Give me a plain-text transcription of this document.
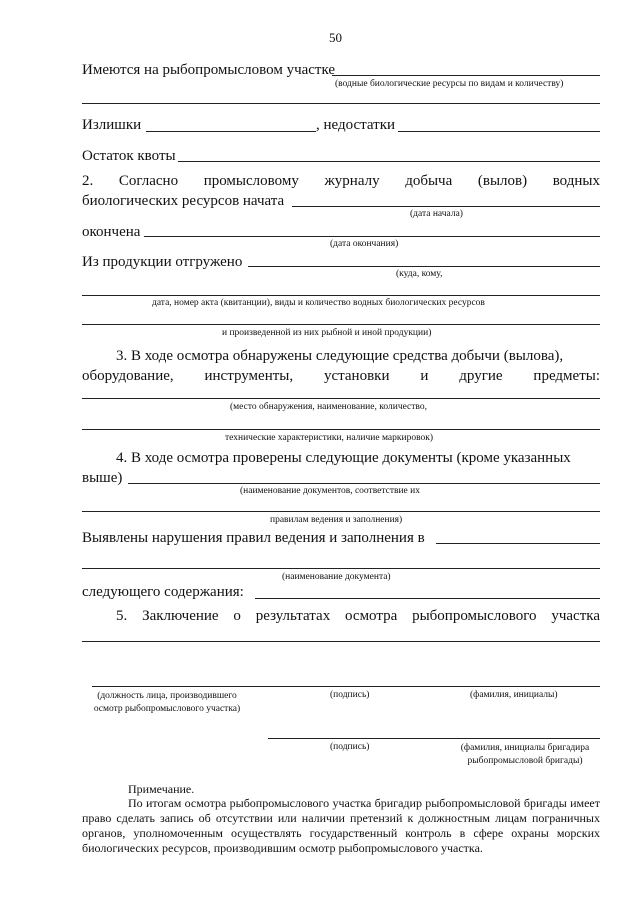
50
Имеются на рыбопромысловом участке
(водные биологические ресурсы по видам и количеству)
Излишки	, недостатки
Остаток квоты
2. Согласно промысловому журналу добыча (вылов) водных
биологических ресурсов начата
(дата начала)
окончена
(дата окончания)
Из продукции отгружено
(куда, кому,
дата, номер акта (квитанции), виды и количество водных биологических ресурсов
и произведенной из них рыбной и иной продукции)
3. В ходе осмотра обнаружены следующие средства добычи (вылова),
оборудование, инструменты, установки и другие предметы:
(место обнаружения, наименование, количество,
технические характеристики, наличие маркировок)
4. В ходе осмотра проверены следующие документы (кроме указанных
выше)
(наименование документов, соответствие их
правилам ведения и заполнения)
Выявлены нарушения правил ведения и заполнения в
(наименование документа)
следующего содержания:
5. Заключение о результатах осмотра рыбопромыслового участка
(должность лица, производившего осмотр рыбопромыслового участка)
(подпись)	(фамилия, инициалы)
(подпись)	(фамилия, инициалы бригадира рыбопромысловой бригады)
Примечание.
По итогам осмотра рыбопромыслового участка бригадир рыбопромысловой бригады имеет право сделать запись об отсутствии или наличии претензий к должностным лицам пограничных органов, уполномоченным осуществлять государственный контроль в сфере охраны морских биологических ресурсов, производившим осмотр рыбопромыслового участка.
